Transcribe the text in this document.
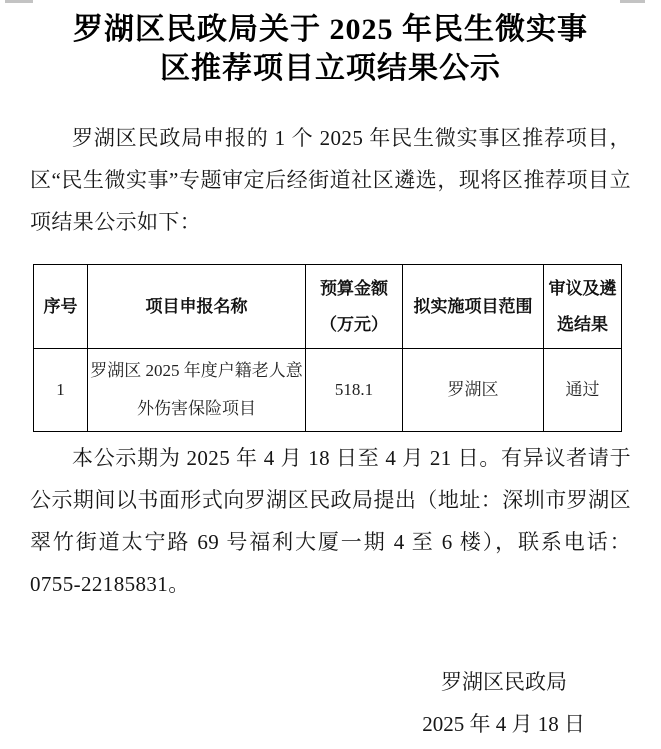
罗湖区民政局关于 2025 年民生微实事
区推荐项目立项结果公示

罗湖区民政局申报的 1 个 2025 年民生微实事区推荐项目，区“民生微实事”专题审定后经街道社区遴选，现将区推荐项目立项结果公示如下：

序号	项目申报名称	预算金额（万元）	拟实施项目范围	审议及遴选结果
1	罗湖区 2025 年度户籍老人意外伤害保险项目	518.1	罗湖区	通过

本公示期为 2025 年 4 月 18 日至 4 月 21 日。有异议者请于公示期间以书面形式向罗湖区民政局提出（地址：深圳市罗湖区翠竹街道太宁路 69 号福利大厦一期 4 至 6 楼），联系电话：0755-22185831。

罗湖区民政局
2025 年 4 月 18 日
